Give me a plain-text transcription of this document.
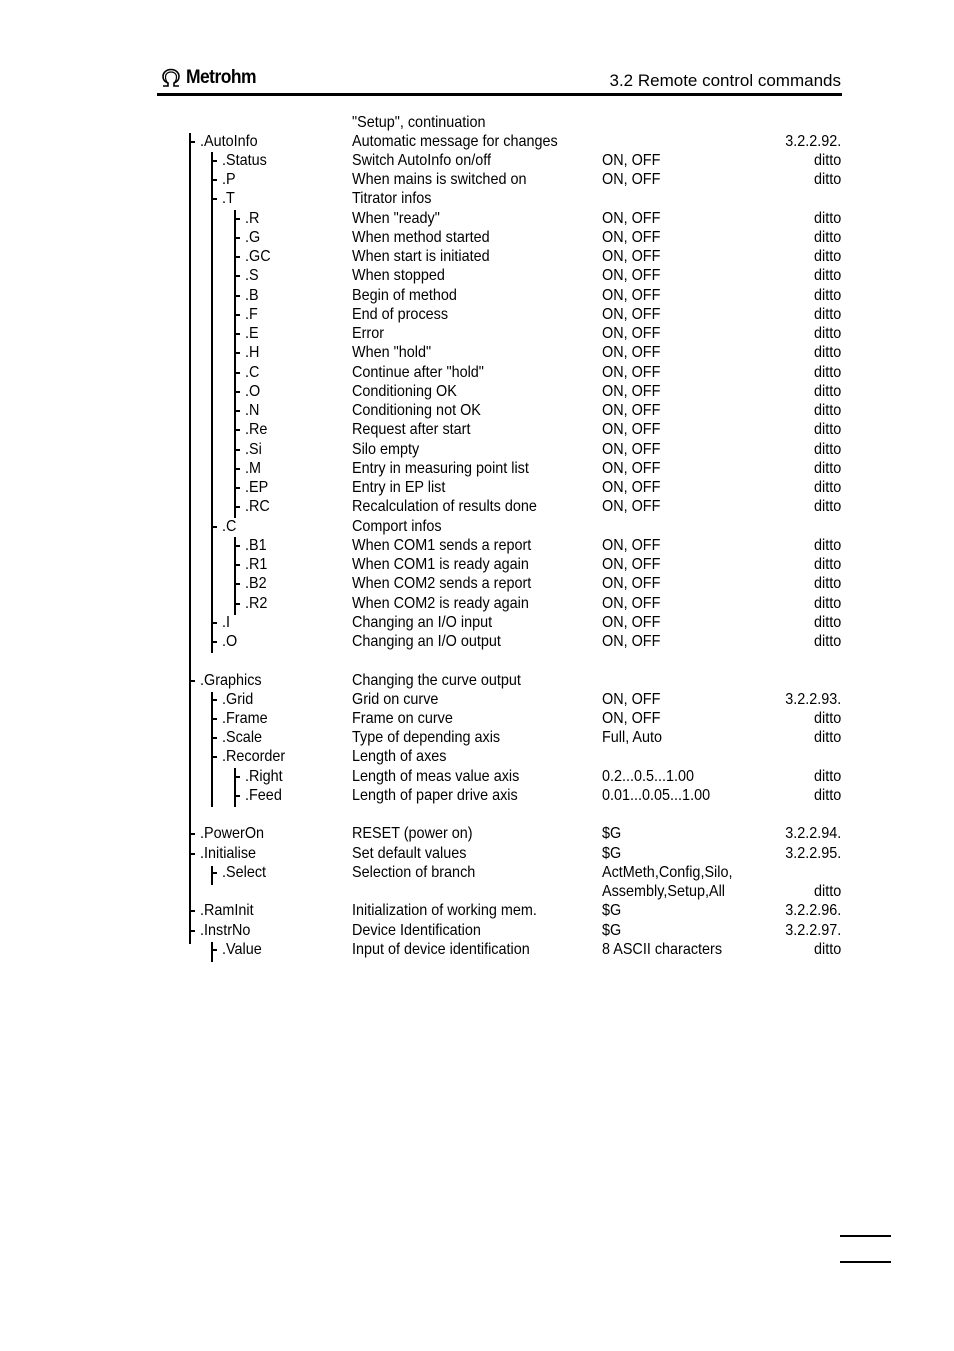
Metrohm	3.2 Remote control commands
"Setup", continuation
.AutoInfo	Automatic message for changes	3.2.2.92.
.Status	Switch AutoInfo on/off	ON, OFF	ditto
.P	When mains is switched on	ON, OFF	ditto
.T	Titrator infos
.R	When "ready"	ON, OFF	ditto
.G	When method started	ON, OFF	ditto
.GC	When start is initiated	ON, OFF	ditto
.S	When stopped	ON, OFF	ditto
.B	Begin of method	ON, OFF	ditto
.F	End of process	ON, OFF	ditto
.E	Error	ON, OFF	ditto
.H	When "hold"	ON, OFF	ditto
.C	Continue after "hold"	ON, OFF	ditto
.O	Conditioning OK	ON, OFF	ditto
.N	Conditioning not OK	ON, OFF	ditto
.Re	Request after start	ON, OFF	ditto
.Si	Silo empty	ON, OFF	ditto
.M	Entry in measuring point list	ON, OFF	ditto
.EP	Entry in EP list	ON, OFF	ditto
.RC	Recalculation of results done	ON, OFF	ditto
.C	Comport infos
.B1	When COM1 sends a report	ON, OFF	ditto
.R1	When COM1 is ready again	ON, OFF	ditto
.B2	When COM2 sends a report	ON, OFF	ditto
.R2	When COM2 is ready again	ON, OFF	ditto
.I	Changing an I/O input	ON, OFF	ditto
.O	Changing an I/O output	ON, OFF	ditto
.Graphics	Changing the curve output
.Grid	Grid on curve	ON, OFF	3.2.2.93.
.Frame	Frame on curve	ON, OFF	ditto
.Scale	Type of depending axis	Full, Auto	ditto
.Recorder	Length of axes
.Right	Length of meas value axis	0.2...0.5...1.00	ditto
.Feed	Length of paper drive axis	0.01...0.05...1.00	ditto
.PowerOn	RESET (power on)	$G	3.2.2.94.
.Initialise	Set default values	$G	3.2.2.95.
.Select	Selection of branch	ActMeth,Config,Silo,
Assembly,Setup,All	ditto
.RamInit	Initialization of working mem.	$G	3.2.2.96.
.InstrNo	Device Identification	$G	3.2.2.97.
.Value	Input of device identification	8 ASCII characters	ditto
